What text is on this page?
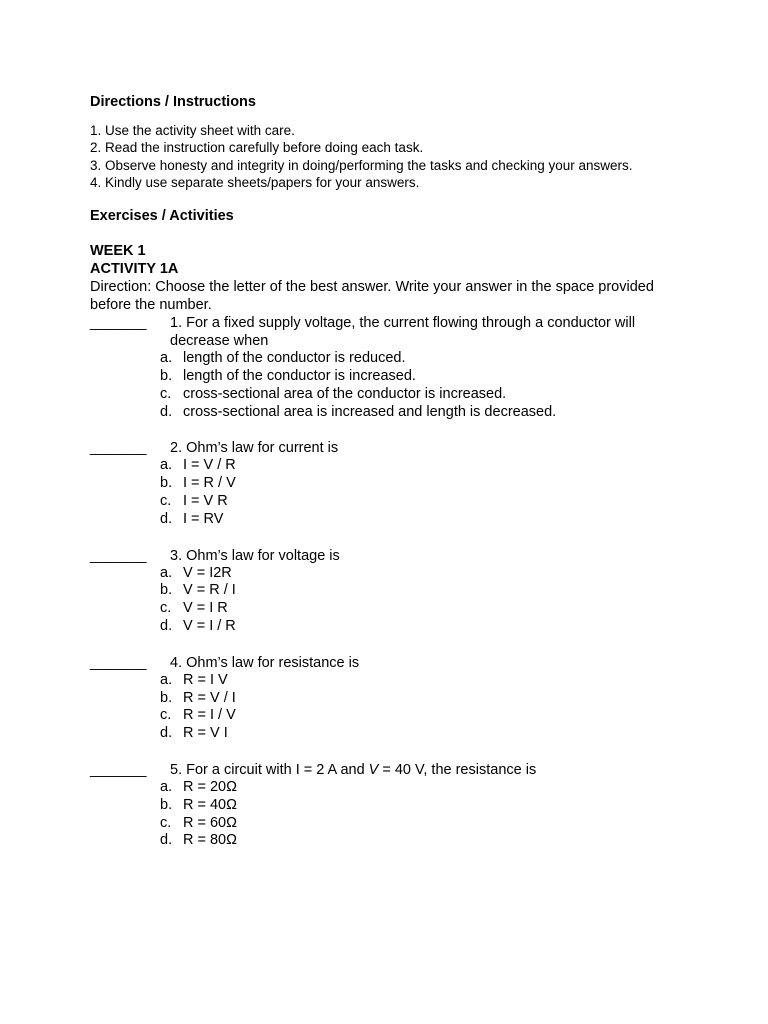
Directions / Instructions

1. Use the activity sheet with care.
2. Read the instruction carefully before doing each task.
3. Observe honesty and integrity in doing/performing the tasks and checking your answers.
4. Kindly use separate sheets/papers for your answers.

Exercises / Activities

WEEK 1
ACTIVITY 1A
Direction: Choose the letter of the best answer. Write your answer in the space provided
before the number.
_______ 1. For a fixed supply voltage, the current flowing through a conductor will
decrease when
a. length of the conductor is reduced.
b. length of the conductor is increased.
c. cross-sectional area of the conductor is increased.
d. cross-sectional area is increased and length is decreased.
_______ 2. Ohm’s law for current is
a. I = V / R
b. I = R / V
c. I = V R
d. I = RV
_______ 3. Ohm’s law for voltage is
a. V = I2R
b. V = R / I
c. V = I R
d. V = I / R
_______ 4. Ohm’s law for resistance is
a. R = I V
b. R = V / I
c. R = I / V
d. R = V I
_______ 5. For a circuit with I = 2 A and V = 40 V, the resistance is
a. R = 20Ω
b. R = 40Ω
c. R = 60Ω
d. R = 80Ω
